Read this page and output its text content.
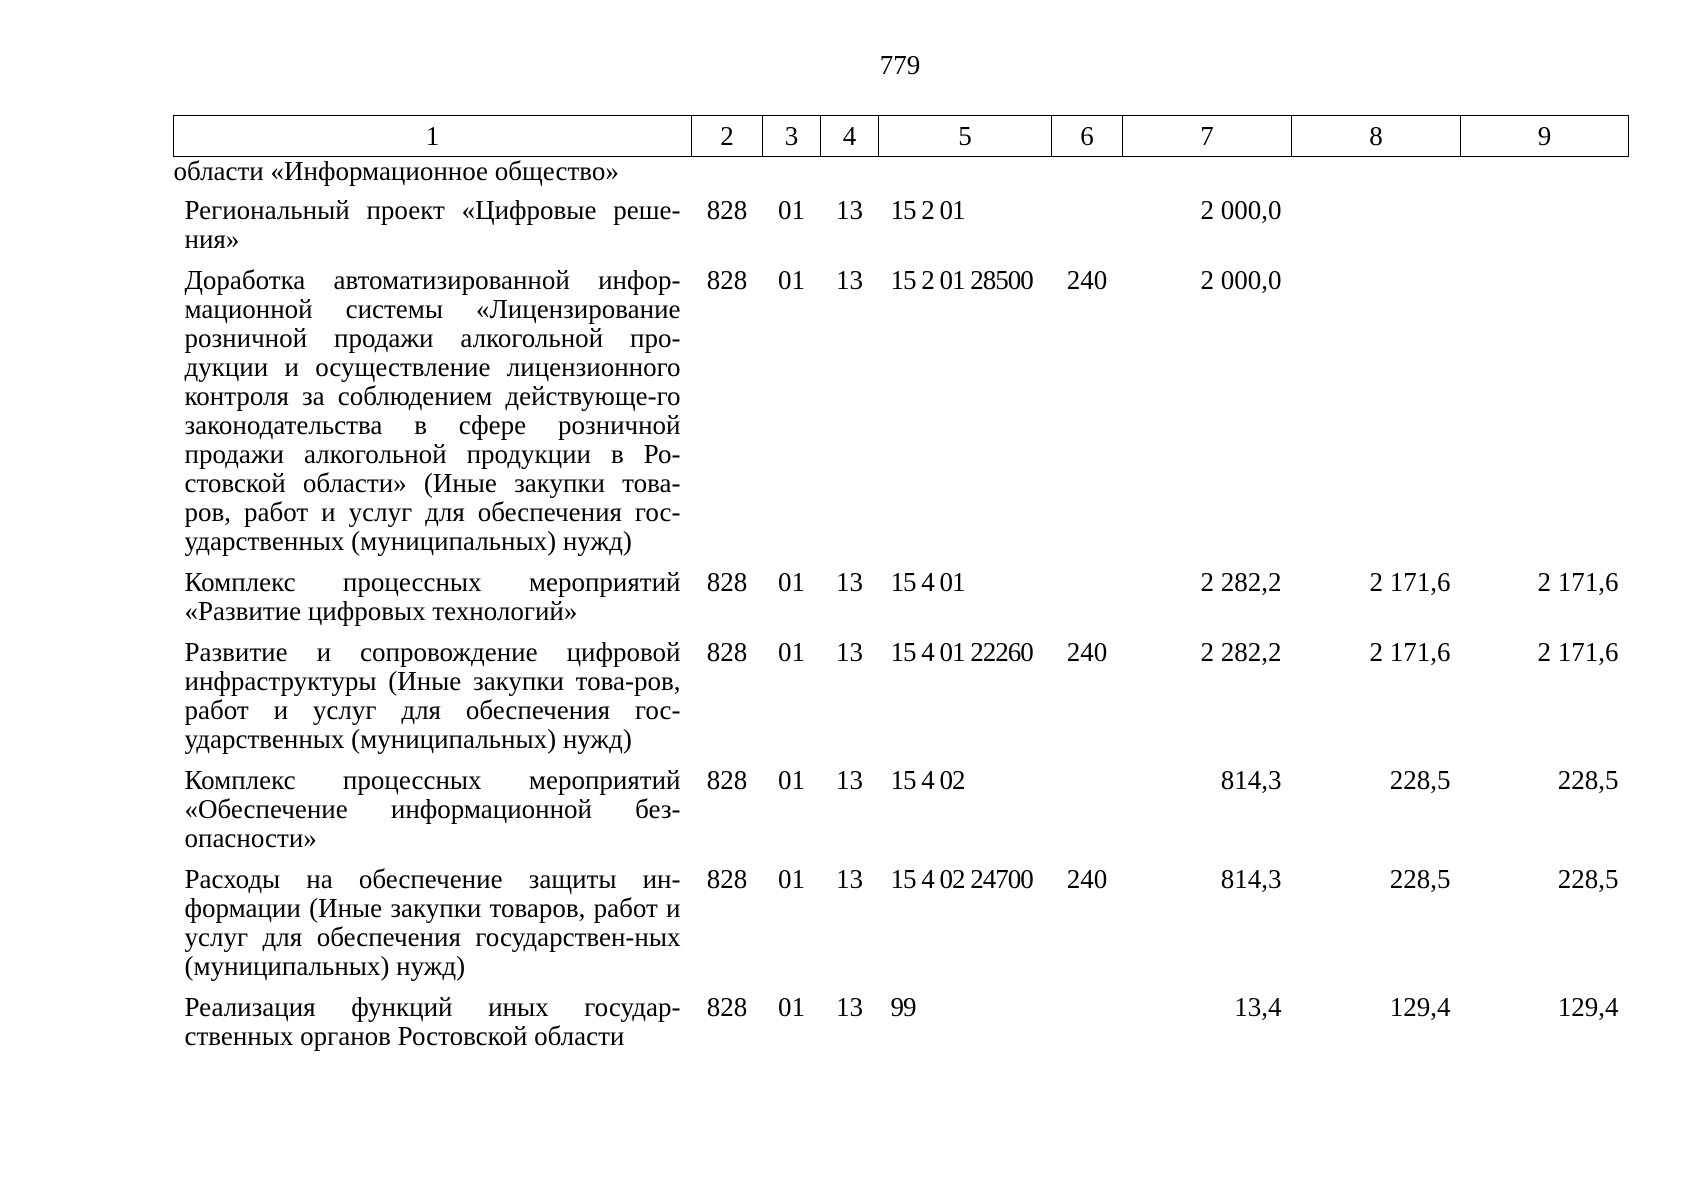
779
1	2	3	4	5	6	7	8	9
области «Информационное общество»								
Региональный проект «Цифровые реше-ния»	828	01	13	15 2 01		2 000,0		
Доработка автоматизированной инфор-мационной системы «Лицензирование розничной продажи алкогольной про-дукции и осуществление лицензионного контроля за соблюдением действующе-го законодательства в сфере розничной продажи алкогольной продукции в Ро-стовской области» (Иные закупки това-ров, работ и услуг для обеспечения гос-ударственных (муниципальных) нужд)	828	01	13	15 2 01 28500	240	2 000,0		
Комплекс процессных мероприятий «Развитие цифровых технологий»	828	01	13	15 4 01		2 282,2	2 171,6	2 171,6
Развитие и сопровождение цифровой инфраструктуры (Иные закупки това-ров, работ и услуг для обеспечения гос-ударственных (муниципальных) нужд)	828	01	13	15 4 01 22260	240	2 282,2	2 171,6	2 171,6
Комплекс процессных мероприятий «Обеспечение информационной без-опасности»	828	01	13	15 4 02		814,3	228,5	228,5
Расходы на обеспечение защиты ин-формации (Иные закупки товаров, работ и услуг для обеспечения государствен-ных (муниципальных) нужд)	828	01	13	15 4 02 24700	240	814,3	228,5	228,5
Реализация функций иных государ-ственных органов Ростовской области	828	01	13	99		13,4	129,4	129,4
